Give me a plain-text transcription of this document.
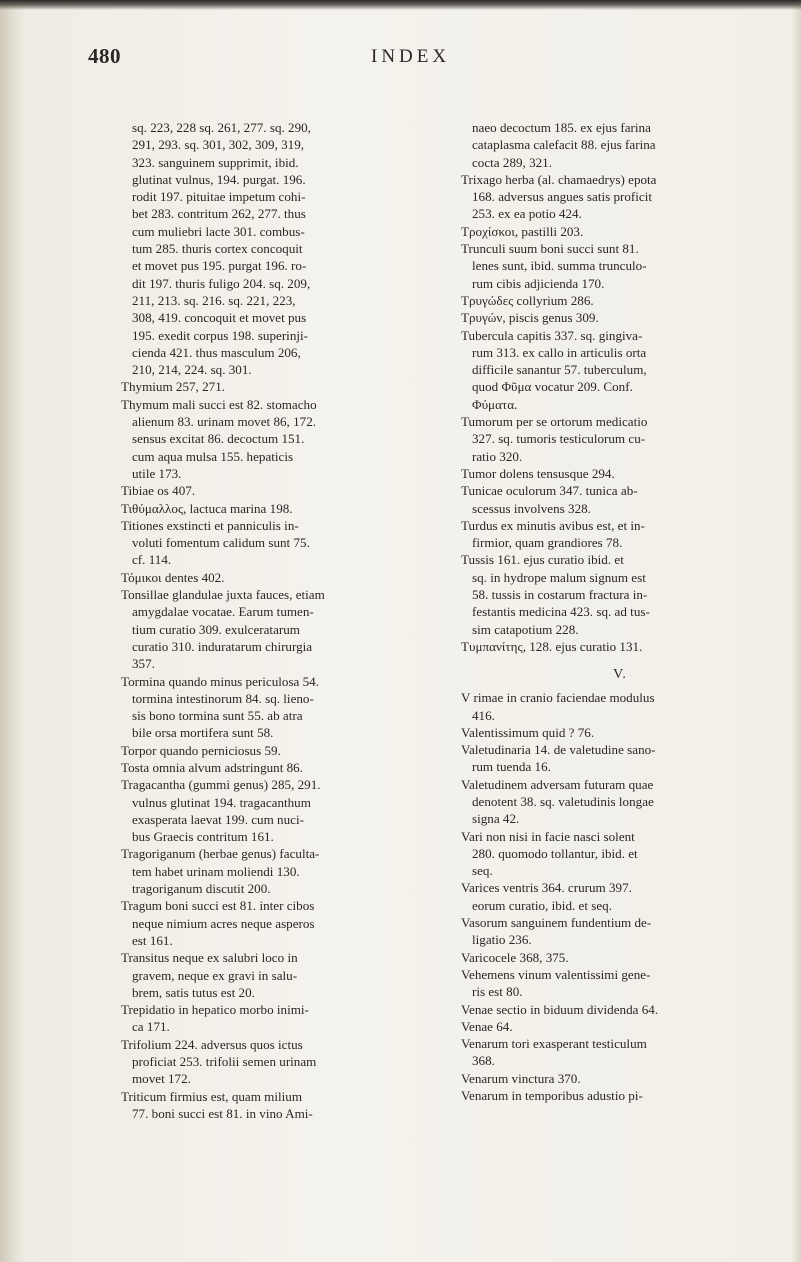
480	INDEX
sq. 223, 228 sq. 261, 277. sq. 290,
291, 293. sq. 301, 302, 309, 319,
323. sanguinem supprimit, ibid.
glutinat vulnus, 194. purgat. 196.
rodit 197. pituitae impetum cohi-
bet 283. contritum 262, 277. thus
cum muliebri lacte 301. combus-
tum 285. thuris cortex concoquit
et movet pus 195. purgat 196. ro-
dit 197. thuris fuligo 204. sq. 209,
211, 213. sq. 216. sq. 221, 223,
308, 419. concoquit et movet pus
195. exedit corpus 198. superinji-
cienda 421. thus masculum 206,
210, 214, 224. sq. 301.
Thymium 257, 271.
Thymum mali succi est 82. stomacho
alienum 83. urinam movet 86, 172.
sensus excitat 86. decoctum 151.
cum aqua mulsa 155. hepaticis
utile 173.
Tibiae os 407.
Τιθύμαλλος, lactuca marina 198.
Titiones exstincti et panniculis in-
voluti fomentum calidum sunt 75.
cf. 114.
Τόμικοι dentes 402.
Tonsillae glandulae juxta fauces, etiam
amygdalae vocatae. Earum tumen-
tium curatio 309. exulceratarum
curatio 310. induratarum chirurgia
357.
Tormina quando minus periculosa 54.
tormina intestinorum 84. sq. lieno-
sis bono tormina sunt 55. ab atra
bile orsa mortifera sunt 58.
Torpor quando perniciosus 59.
Tosta omnia alvum adstringunt 86.
Tragacantha (gummi genus) 285, 291.
vulnus glutinat 194. tragacanthum
exasperata laevat 199. cum nuci-
bus Graecis contritum 161.
Tragoriganum (herbae genus) faculta-
tem habet urinam moliendi 130.
tragoriganum discutit 200.
Tragum boni succi est 81. inter cibos
neque nimium acres neque asperos
est 161.
Transitus neque ex salubri loco in
gravem, neque ex gravi in salu-
brem, satis tutus est 20.
Trepidatio in hepatico morbo inimi-
ca 171.
Trifolium 224. adversus quos ictus
proficiat 253. trifolii semen urinam
movet 172.
Triticum firmius est, quam milium
77. boni succi est 81. in vino Ami-
naeo decoctum 185. ex ejus farina
cataplasma calefacit 88. ejus farina
cocta 289, 321.
Trixago herba (al. chamaedrys) epota
168. adversus angues satis proficit
253. ex ea potio 424.
Τροχίσκοι, pastilli 203.
Trunculi suum boni succi sunt 81.
lenes sunt, ibid. summa trunculo-
rum cibis adjicienda 170.
Τρυγώδες collyrium 286.
Τρυγών, piscis genus 309.
Tubercula capitis 337. sq. gingiva-
rum 313. ex callo in articulis orta
difficile sanantur 57. tuberculum,
quod Φῦμα vocatur 209. Conf.
Φύματα.
Tumorum per se ortorum medicatio
327. sq. tumoris testiculorum cu-
ratio 320.
Tumor dolens tensusque 294.
Tunicae oculorum 347. tunica ab-
scessus involvens 328.
Turdus ex minutis avibus est, et in-
firmior, quam grandiores 78.
Tussis 161. ejus curatio ibid. et
sq. in hydrope malum signum est
58. tussis in costarum fractura in-
festantis medicina 423. sq. ad tus-
sim catapotium 228.
Τυμπανίτης, 128. ejus curatio 131.
V.
V rimae in cranio faciendae modulus
416.
Valentissimum quid ? 76.
Valetudinaria 14. de valetudine sano-
rum tuenda 16.
Valetudinem adversam futuram quae
denotent 38. sq. valetudinis longae
signa 42.
Vari non nisi in facie nasci solent
280. quomodo tollantur, ibid. et
seq.
Varices ventris 364. crurum 397.
eorum curatio, ibid. et seq.
Vasorum sanguinem fundentium de-
ligatio 236.
Varicocele 368, 375.
Vehemens vinum valentissimi gene-
ris est 80.
Venae sectio in biduum dividenda 64.
Venae 64.
Venarum tori exasperant testiculum
368.
Venarum vinctura 370.
Venarum in temporibus adustio pi-
